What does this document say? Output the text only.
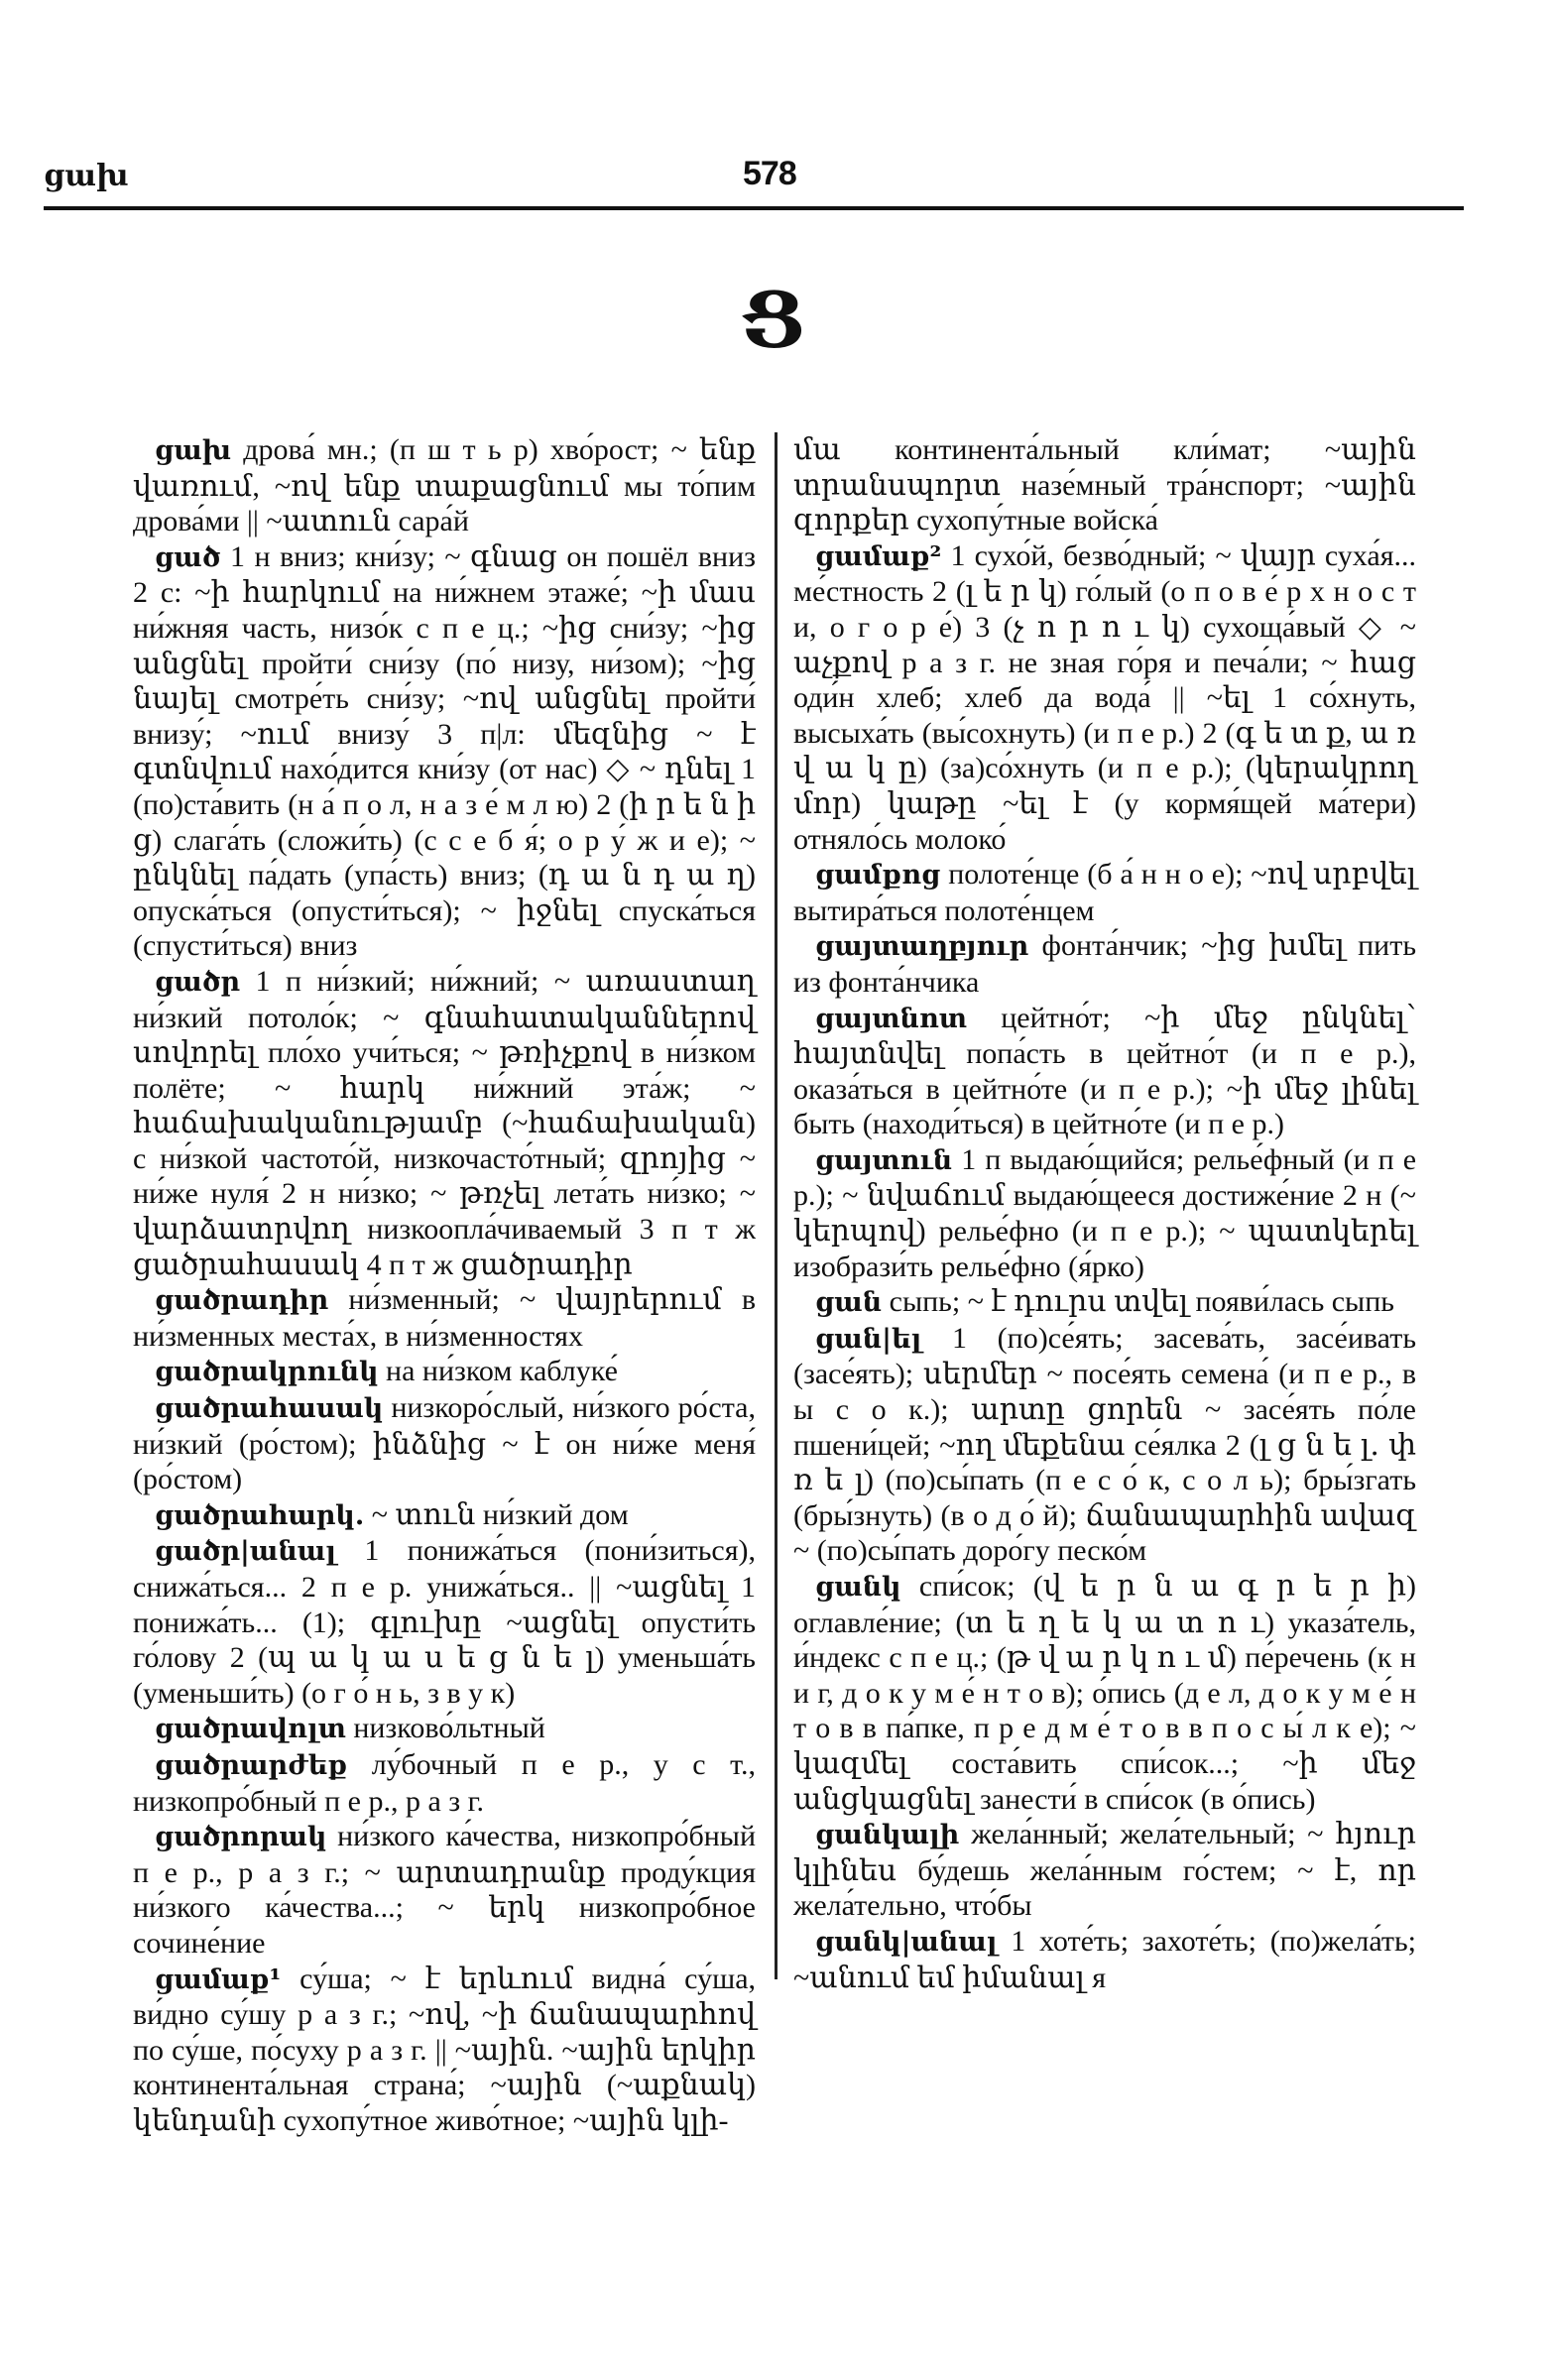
ցախ	578
Ց

ցախ дрова́ мн.; (п ш т ь р) хво́рост; ~ ենք վառում, ~ով ենք տաքացնում мы то́пим дрова́ми || ~ատուն сара́й

ցած 1 н вниз; кни́зу; ~ գնաց он пошёл вниз 2 с: ~ի հարկում на ни́жнем этаже́; ~ի մաս ни́жняя часть, низо́к с п е ц.; ~ից сни́зу; ~ից անցնել пройти́ сни́зу (по́ низу, ни́зом); ~ից նայել смотре́ть сни́зу; ~ով անցնել пройти́ внизу́; ~ում внизу́ 3 п|л: մեզնից ~ է գտնվում нахо́дится кни́зу (от нас) ◇ ~ դնել 1 (по)ста́вить (н а́ п о л, н а з е́ м л ю) 2 (ի ր ե ն ի ց) слага́ть (сложи́ть) (с с е б я́; о р у́ ж и е); ~ ընկնել па́дать (упа́сть) вниз; (դ ա ն դ ա ղ) опуска́ться (опусти́ться); ~ իջնել спуска́ться (спусти́ться) вниз

ցածր 1 п ни́зкий; ни́жний; ~ առաստաղ ни́зкий потоло́к; ~ գնահատականներով սովորել пло́хо учи́ться; ~ թռիչքով в ни́зком полёте; ~ հարկ ни́жний эта́ж; ~ հաճախականությամբ (~հաճախական) с ни́зкой частото́й, низкочасто́тный; զրոյից ~ ни́же нуля́ 2 н ни́зко; ~ թռչել лета́ть ни́зко; ~ վարձատրվող низкоопла́чиваемый 3 п т ж ցածրահասակ 4 п т ж ցածրադիր

ցածրադիր ни́зменный; ~ վայրերում в ни́зменных места́х, в ни́зменностях

ցածրակրունկ на ни́зком каблуке́

ցածրահասակ низкоро́слый, ни́зкого ро́ста, ни́зкий (ро́стом); ինձնից ~ է он ни́же меня́ (ро́стом)

ցածրահարկ. ~ տուն ни́зкий дом

ցածր|անալ 1 понижа́ться (пони́зиться), снижа́ться... 2 п е р. унижа́ться.. || ~ացնել 1 понижа́ть... (1); գլուխը ~ացնել опусти́ть го́лову 2 (պ ա կ ա ս ե ց ն ե լ) уменьша́ть (уменьши́ть) (о г о́ н ь, з в у к)

ցածրավոլտ низково́льтный

ցածրարժեք лу́бочный п е р., у с т., низкопро́бный п е р., р а з г.

ցածրորակ ни́зкого ка́чества, низкопро́бный п е р., р а з г.; ~ արտադրանք проду́кция ни́зкого ка́чества...; ~ երկ низкопро́бное сочине́ние

ցամաք¹ су́ша; ~ է երևում видна́ су́ша, ви́дно су́шу р а з г.; ~ով, ~ի ճանապարհով по су́ше, по́суху р а з г. || ~ային. ~ային երկիր континента́льная страна́; ~ային (~աքնակ) կենդանի сухопу́тное живо́тное; ~ային կլի-

մա континента́льный кли́мат; ~ային տրանսպորտ назе́мный тра́нспорт; ~ային զորքեր сухопу́тные войска́

ցամաք² 1 сухо́й, безво́дный; ~ վայր суха́я... ме́стность 2 (լ ե ր կ) го́лый (о п о в е́ р х н о с т и, о г о р е́) 3 (չ ո ր ո ւ կ) сухоща́вый ◇ ~ աչքով р а з г. не зная го́ря и печа́ли; ~ հաց оди́н хлеб; хлеб да вода́ || ~ել 1 со́хнуть, высыха́ть (вы́сохнуть) (и п е р.) 2 (գ ե տ ք, ա ռ վ ա կ ը) (за)со́хнуть (и п е р.); (կերակրող մոր) կաթը ~ել է (у кормя́щей ма́тери) отняло́сь молоко́

ցամքոց полоте́нце (б а́ н н о е); ~ով սրբվել вытира́ться полоте́нцем

ցայտաղբյուր фонта́нчик; ~ից խմել пить из фонта́нчика

ցայտնոտ цейтно́т; ~ի մեջ ընկնել՝ հայտնվել попа́сть в цейтно́т (и п е р.), оказа́ться в цейтно́те (и п е р.); ~ի մեջ լինել быть (находи́ться) в цейтно́те (и п е р.)

ցայտուն 1 п выдаю́щийся; релье́фный (и п е р.); ~ նվաճում выдаю́щееся достиже́ние 2 н (~ կերպով) релье́фно (и п е р.); ~ պատկերել изобрази́ть релье́фно (я́рко)

ցան сыпь; ~ է դուրս տվել появи́лась сыпь

ցան|ել 1 (по)се́ять; засева́ть, засе́ивать (засе́ять); սերմեր ~ посе́ять семена́ (и п е р., в ы с о к.); արտը ցորեն ~ засе́ять по́ле пшени́цей; ~ող մեքենա се́ялка 2 (լ ց ն ե լ․ փ ռ ե լ) (по)сы́пать (п е с о́ к, с о л ь); бры́згать (бры́знуть) (в о д о́ й); ճանապարհին ավազ ~ (по)сы́пать доро́гу песко́м

ցանկ спи́сок; (վ ե ր ն ա գ ր ե ր ի) оглавле́ние; (տ ե ղ ե կ ա տ ո ւ) указа́тель, и́ндекс с п е ц.; (թ վ ա ր կ ո ւ մ) пе́речень (к н и г, д о к у м е́ н т о в); о́пись (д е л, д о к у м е́ н т о в в па́пке, п р е д м е́ т о в в п о с ы́ л к е); ~ կազմել соста́вить спи́сок...; ~ի մեջ անցկացնել занести́ в спи́сок (в о́пись)

ցանկալի жела́нный; жела́тельный; ~ հյուր կլինես бу́дешь жела́нным го́стем; ~ է, որ жела́тельно, что́бы

ցանկ|անալ 1 хоте́ть; захоте́ть; (по)жела́ть; ~անում եմ իմանալ я
